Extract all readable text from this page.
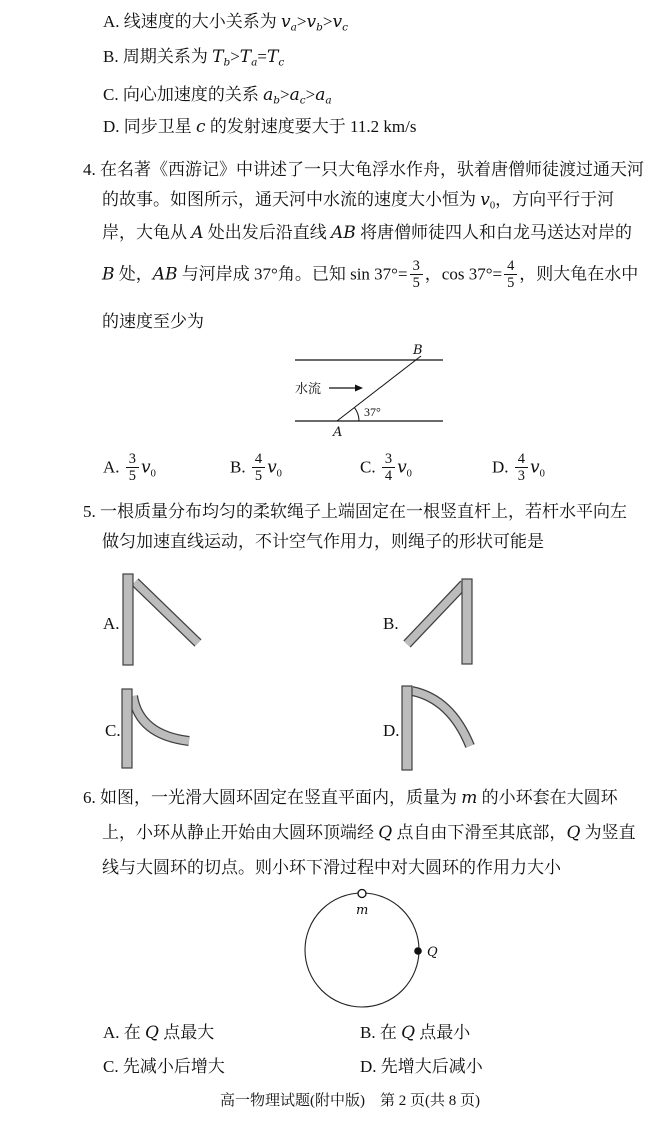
A. 线速度的大小关系为 $v_a>v_b>v_c$
B. 周期关系为 $T_b>T_a=T_c$
C. 向心加速度的关系 $a_b>a_c>a_a$
D. 同步卫星 c 的发射速度要大于 11.2 km/s
4. 在名著《西游记》中讲述了一只大龟浮水作舟，驮着唐僧师徒渡过通天河
的故事。如图所示，通天河中水流的速度大小恒为 $v_0$，方向平行于河
岸，大龟从 A 处出发后沿直线 AB 将唐僧师徒四人和白龙马送达对岸的
B 处，AB 与河岸成 37°角。已知 $\sin 37^\circ= \frac{3}{5}$ ，$\cos 37^\circ= \frac{4}{5}$ ，则大龟在水中
的速度至少为
水流
37°
A
B
A. $\frac{3}{5} v_0$	B. $\frac{4}{5} v_0$	C. $\frac{3}{4} v_0$	D. $\frac{4}{3} v_0$
5. 一根质量分布均匀的柔软绳子上端固定在一根竖直杆上，若杆水平向左
做匀加速直线运动，不计空气作用力，则绳子的形状可能是
A.	B.
C.	D.
6. 如图，一光滑大圆环固定在竖直平面内，质量为 m 的小环套在大圆环
上，小环从静止开始由大圆环顶端经 Q 点自由下滑至其底部，Q 为竖直
线与大圆环的切点。则小环下滑过程中对大圆环的作用力大小
m
Q
A. 在 Q 点最大	B. 在 Q 点最小
C. 先减小后增大	D. 先增大后减小
高一物理试题(附中版)　第 2 页(共 8 页)
